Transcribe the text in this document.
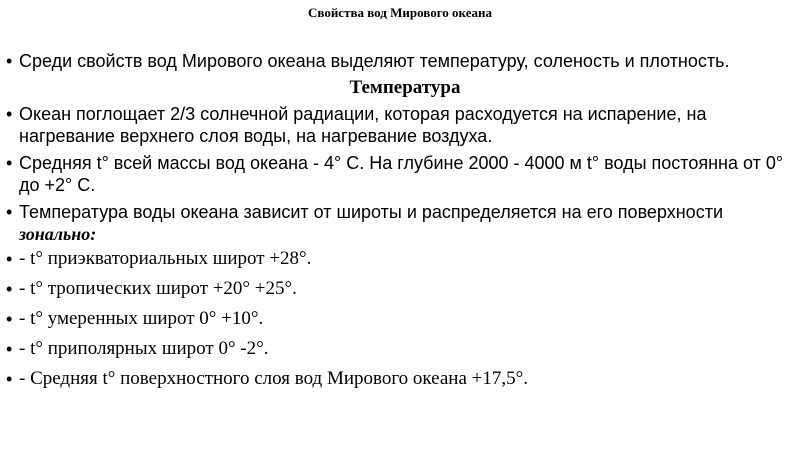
Свойства вод Мирового океана

• Среди свойств вод Мирового океана выделяют температуру, соленость и плотность.

Температура

• Океан поглощает 2/3 солнечной радиации, которая расходуется на испарение, на нагревание верхнего слоя воды, на нагревание воздуха.

• Средняя t° всей массы вод океана - 4° С. На глубине 2000 - 4000 м t° воды постоянна от 0° до +2° С.

• Температура воды океана зависит от широты и распределяется на его поверхности
зонально:

• - t° приэкваториальных широт +28°.
• - t° тропических широт +20° +25°.
• - t° умеренных широт 0° +10°.
• - t° приполярных широт 0° -2°.
• - Средняя t° поверхностного слоя вод Мирового океана +17,5°.
